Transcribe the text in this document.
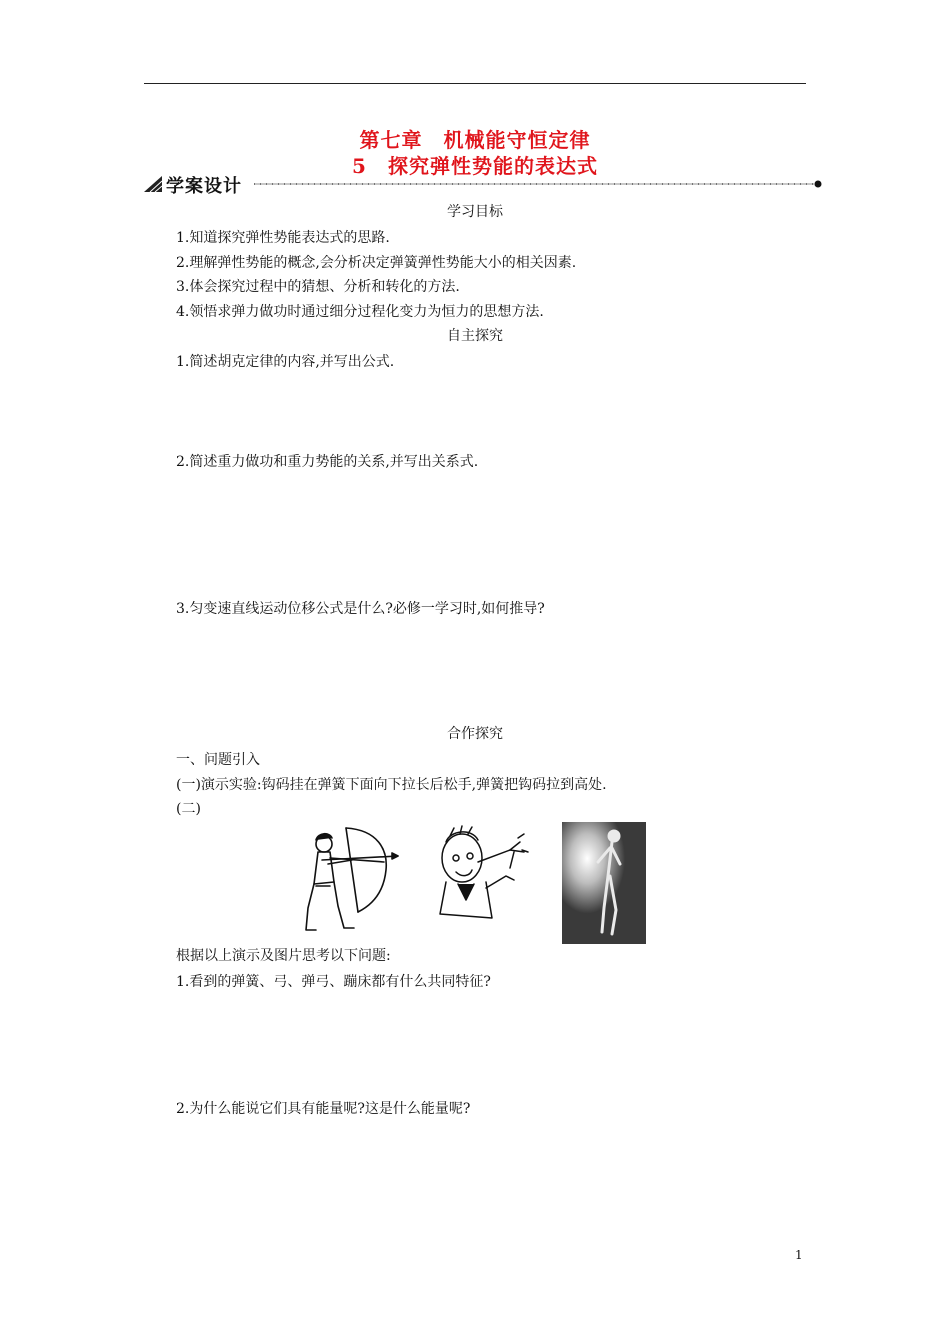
第七章　机械能守恒定律
5　探究弹性势能的表达式
学案设计
学习目标
1.知道探究弹性势能表达式的思路.
2.理解弹性势能的概念,会分析决定弹簧弹性势能大小的相关因素.
3.体会探究过程中的猜想、分析和转化的方法.
4.领悟求弹力做功时通过细分过程化变力为恒力的思想方法.
自主探究
1.简述胡克定律的内容,并写出公式.
2.简述重力做功和重力势能的关系,并写出关系式.
3.匀变速直线运动位移公式是什么?必修一学习时,如何推导?
合作探究
一、问题引入
(一)演示实验:钩码挂在弹簧下面向下拉长后松手,弹簧把钩码拉到高处.
(二)
根据以上演示及图片思考以下问题:
1.看到的弹簧、弓、弹弓、蹦床都有什么共同特征?
2.为什么能说它们具有能量呢?这是什么能量呢?
1
